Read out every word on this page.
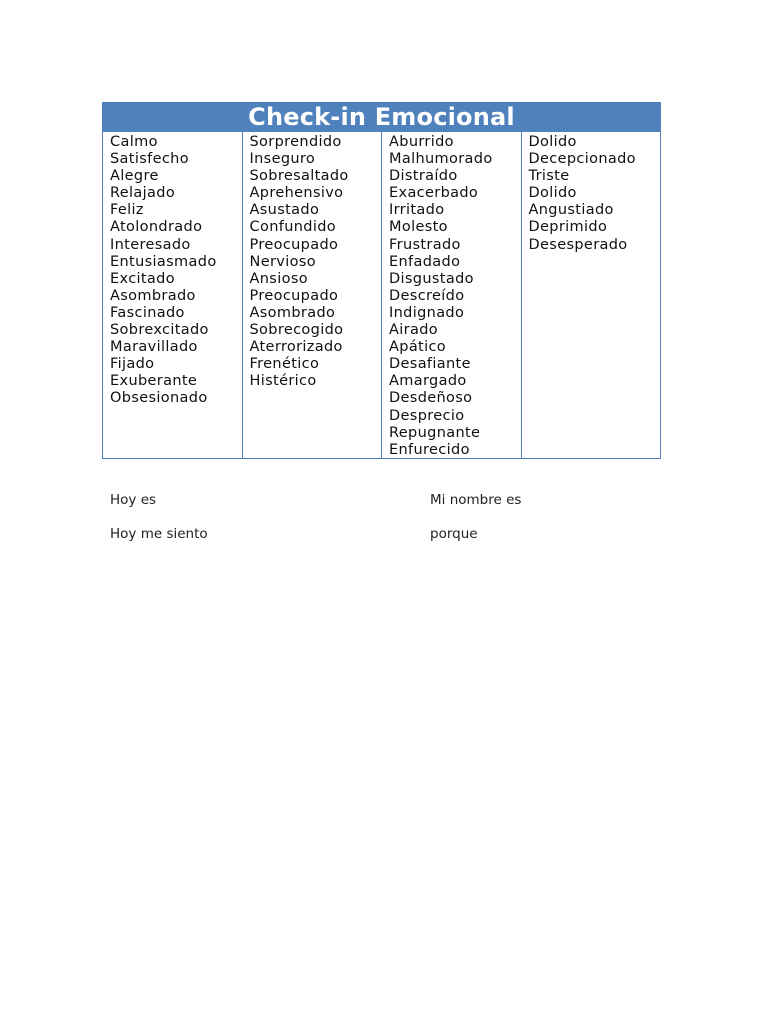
Check-in Emocional
Calmo
Satisfecho
Alegre
Relajado
Feliz
Atolondrado
Interesado
Entusiasmado
Excitado
Asombrado
Fascinado
Sobrexcitado
Maravillado
Fijado
Exuberante
Obsesionado
Sorprendido
Inseguro
Sobresaltado
Aprehensivo
Asustado
Confundido
Preocupado
Nervioso
Ansioso
Preocupado
Asombrado
Sobrecogido
Aterrorizado
Frenético
Histérico
Aburrido
Malhumorado
Distraído
Exacerbado
Irritado
Molesto
Frustrado
Enfadado
Disgustado
Descreído
Indignado
Airado
Apático
Desafiante
Amargado
Desdeñoso
Desprecio
Repugnante
Enfurecido
Dolido
Decepcionado
Triste
Dolido
Angustiado
Deprimido
Desesperado
Hoy es	Mi nombre es
Hoy me siento	porque
